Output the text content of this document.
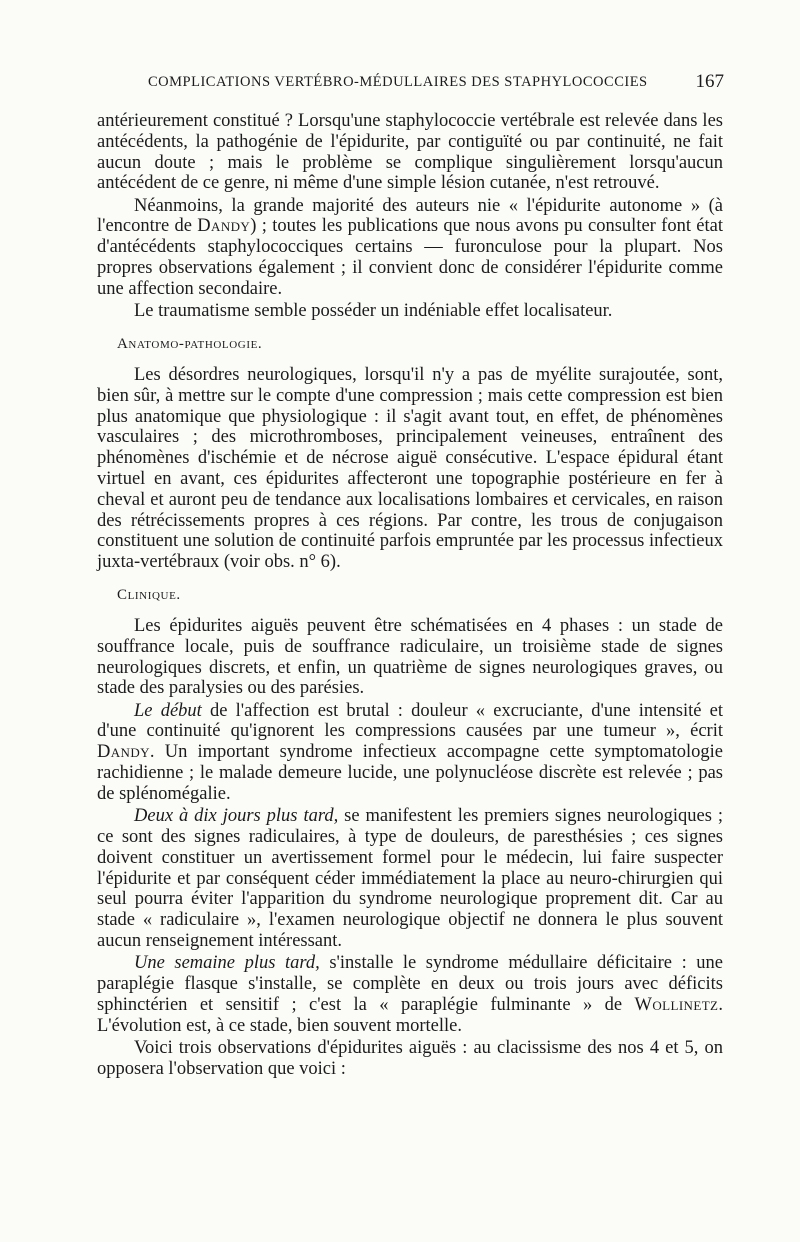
COMPLICATIONS VERTÉBRO-MÉDULLAIRES DES STAPHYLOCOCCIES	167

antérieurement constitué ? Lorsqu'une staphylococcie vertébrale est relevée dans les antécédents, la pathogénie de l'épidurite, par contiguïté ou par continuité, ne fait aucun doute ; mais le problème se complique singulièrement lorsqu'aucun antécédent de ce genre, ni même d'une simple lésion cutanée, n'est retrouvé.

Néanmoins, la grande majorité des auteurs nie « l'épidurite autonome » (à l'encontre de Dandy) ; toutes les publications que nous avons pu consulter font état d'antécédents staphylococciques certains — furonculose pour la plupart. Nos propres observations également ; il convient donc de considérer l'épidurite comme une affection secondaire.

Le traumatisme semble posséder un indéniable effet localisateur.

Anatomo-pathologie.

Les désordres neurologiques, lorsqu'il n'y a pas de myélite surajoutée, sont, bien sûr, à mettre sur le compte d'une compression ; mais cette compression est bien plus anatomique que physiologique : il s'agit avant tout, en effet, de phénomènes vasculaires ; des microthromboses, principalement veineuses, entraînent des phénomènes d'ischémie et de nécrose aiguë consécutive. L'espace épidural étant virtuel en avant, ces épidurites affecteront une topographie postérieure en fer à cheval et auront peu de tendance aux localisations lombaires et cervicales, en raison des rétrécissements propres à ces régions. Par contre, les trous de conjugaison constituent une solution de continuité parfois empruntée par les processus infectieux juxta-vertébraux (voir obs. n° 6).

Clinique.

Les épidurites aiguës peuvent être schématisées en 4 phases : un stade de souffrance locale, puis de souffrance radiculaire, un troisième stade de signes neurologiques discrets, et enfin, un quatrième de signes neurologiques graves, ou stade des paralysies ou des parésies.

Le début de l'affection est brutal : douleur « excruciante, d'une intensité et d'une continuité qu'ignorent les compressions causées par une tumeur », écrit Dandy. Un important syndrome infectieux accompagne cette symptomatologie rachidienne ; le malade demeure lucide, une polynucléose discrète est relevée ; pas de splénomégalie.

Deux à dix jours plus tard, se manifestent les premiers signes neurologiques ; ce sont des signes radiculaires, à type de douleurs, de paresthésies ; ces signes doivent constituer un avertissement formel pour le médecin, lui faire suspecter l'épidurite et par conséquent céder immédiatement la place au neuro-chirurgien qui seul pourra éviter l'apparition du syndrome neurologique proprement dit. Car au stade « radiculaire », l'examen neurologique objectif ne donnera le plus souvent aucun renseignement intéressant.

Une semaine plus tard, s'installe le syndrome médullaire déficitaire : une paraplégie flasque s'installe, se complète en deux ou trois jours avec déficits sphinctérien et sensitif ; c'est la « paraplégie fulminante » de Wollinetz. L'évolution est, à ce stade, bien souvent mortelle.

Voici trois observations d'épidurites aiguës : au clacissisme des nos 4 et 5, on opposera l'observation que voici :
